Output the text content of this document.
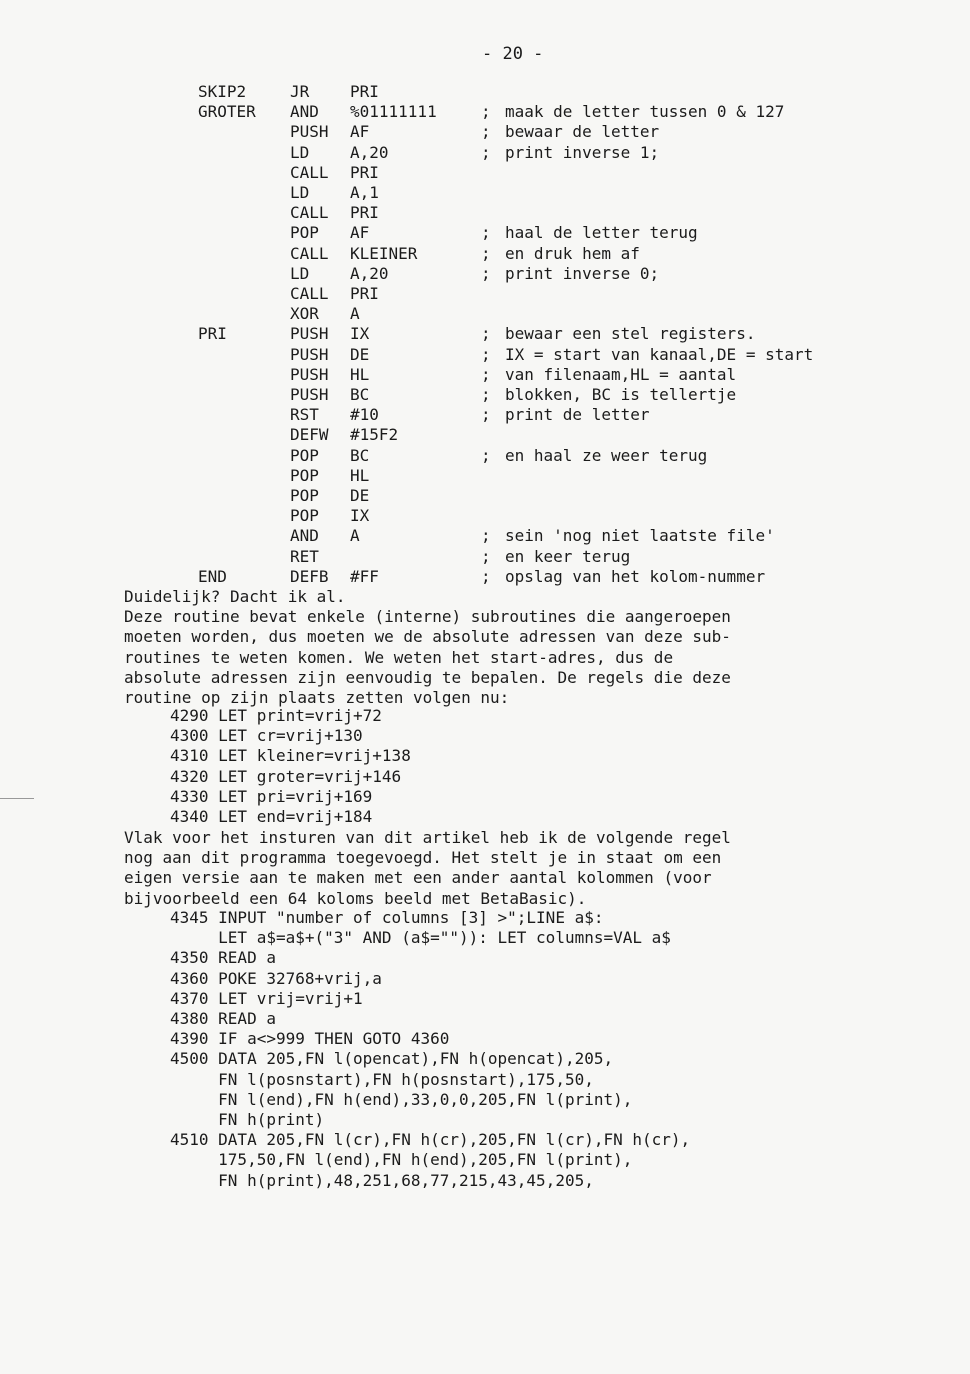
- 20 -
SKIP2	JR	PRI
GROTER AND %01111111	; maak de letter tussen 0 & 127
PUSH AF	; bewaar de letter
LD	A,20	; print inverse 1;
CALL PRI
LD	A,1
CALL PRI
POP AF	; haal de letter terug
CALL KLEINER	; en druk hem af
LD	A,20	; print inverse 0;
CALL PRI
XOR A
PRI	PUSH IX	; bewaar een stel registers.
PUSH DE	; IX = start van kanaal,DE = start
PUSH HL	; van filenaam,HL = aantal
PUSH BC	; blokken, BC is tellertje
RST #10	; print de letter
DEFW #15F2
POP BC	; en haal ze weer terug
POP HL
POP DE
POP IX
AND A	; sein 'nog niet laatste file'
RET	; en keer terug
END	DEFB #FF	; opslag van het kolom-nummer
Duidelijk? Dacht ik al.
Deze routine bevat enkele (interne) subroutines die aangeroepen
moeten worden, dus moeten we de absolute adressen van deze sub-
routines te weten komen. We weten het start-adres, dus de
absolute adressen zijn eenvoudig te bepalen. De regels die deze
routine op zijn plaats zetten volgen nu:
4290 LET print=vrij+72
4300 LET cr=vrij+130
4310 LET kleiner=vrij+138
4320 LET groter=vrij+146
4330 LET pri=vrij+169
4340 LET end=vrij+184
Vlak voor het insturen van dit artikel heb ik de volgende regel
nog aan dit programma toegevoegd. Het stelt je in staat om een
eigen versie aan te maken met een ander aantal kolommen (voor
bijvoorbeeld een 64 koloms beeld met BetaBasic).
4345 INPUT "number of columns [3] >";LINE a$:
LET a$=a$+("3" AND (a$="")): LET columns=VAL a$
4350 READ a
4360 POKE 32768+vrij,a
4370 LET vrij=vrij+1
4380 READ a
4390 IF a<>999 THEN GOTO 4360
4500 DATA 205,FN l(opencat),FN h(opencat),205,
FN l(posnstart),FN h(posnstart),175,50,
FN l(end),FN h(end),33,0,0,205,FN l(print),
FN h(print)
4510 DATA 205,FN l(cr),FN h(cr),205,FN l(cr),FN h(cr),
175,50,FN l(end),FN h(end),205,FN l(print),
FN h(print),48,251,68,77,215,43,45,205,
